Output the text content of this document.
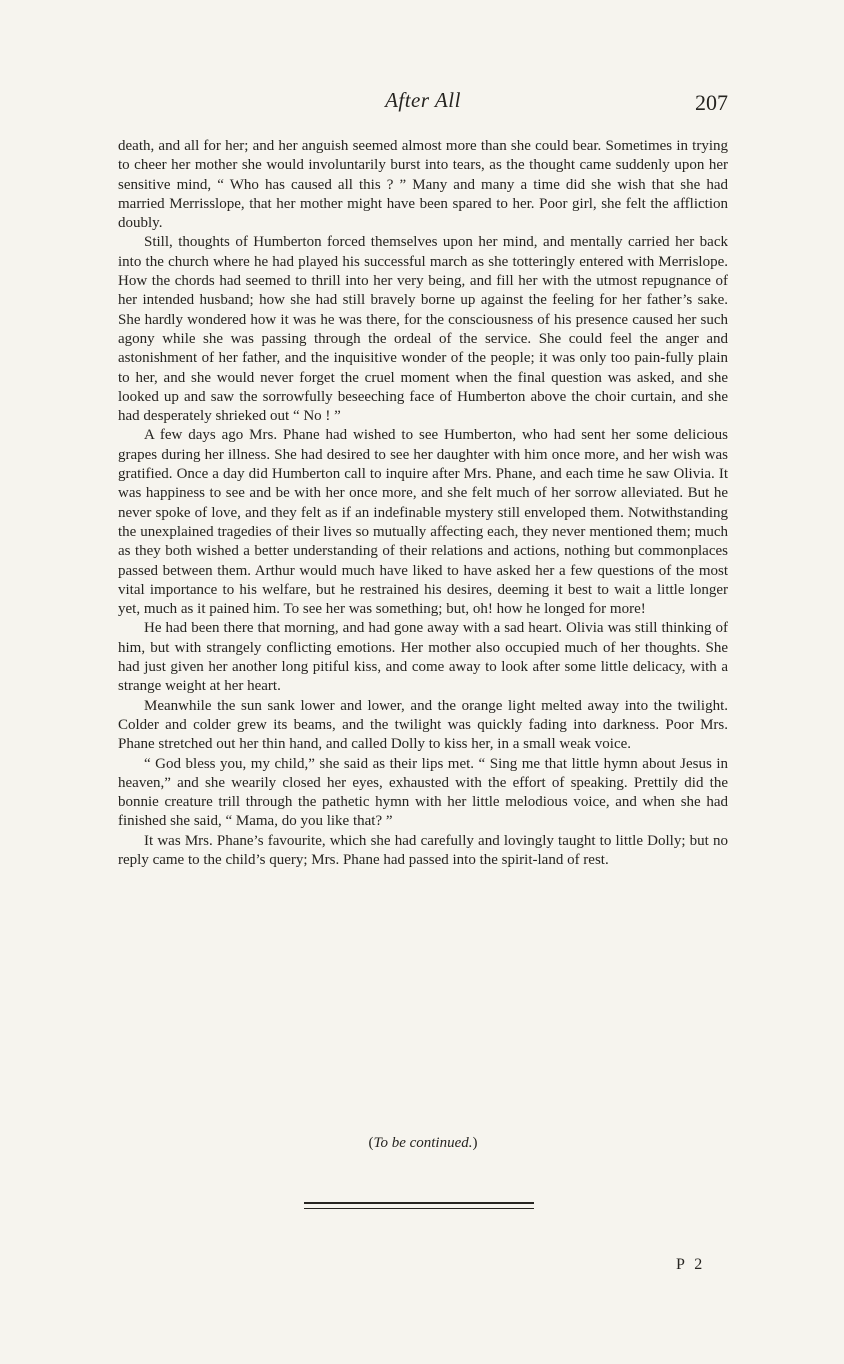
After All	207

death, and all for her; and her anguish seemed almost more than she could bear. Sometimes in trying to cheer her mother she would involuntarily burst into tears, as the thought came suddenly upon her sensitive mind, “ Who has caused all this ? ” Many and many a time did she wish that she had married Merrisslope, that her mother might have been spared to her. Poor girl, she felt the affliction doubly.

Still, thoughts of Humberton forced themselves upon her mind, and mentally carried her back into the church where he had played his successful march as she totteringly entered with Merrislope. How the chords had seemed to thrill into her very being, and fill her with the utmost repugnance of her intended husband; how she had still bravely borne up against the feeling for her father’s sake. She hardly wondered how it was he was there, for the consciousness of his presence caused her such agony while she was passing through the ordeal of the service. She could feel the anger and astonishment of her father, and the inquisitive wonder of the people; it was only too pain-fully plain to her, and she would never forget the cruel moment when the final question was asked, and she looked up and saw the sorrowfully beseeching face of Humberton above the choir curtain, and she had desperately shrieked out “ No ! ”

A few days ago Mrs. Phane had wished to see Humberton, who had sent her some delicious grapes during her illness. She had desired to see her daughter with him once more, and her wish was gratified. Once a day did Humberton call to inquire after Mrs. Phane, and each time he saw Olivia. It was happiness to see and be with her once more, and she felt much of her sorrow alleviated. But he never spoke of love, and they felt as if an indefinable mystery still enveloped them. Notwithstanding the unexplained tragedies of their lives so mutually affecting each, they never mentioned them; much as they both wished a better understanding of their relations and actions, nothing but commonplaces passed between them. Arthur would much have liked to have asked her a few questions of the most vital importance to his welfare, but he restrained his desires, deeming it best to wait a little longer yet, much as it pained him. To see her was something; but, oh! how he longed for more!

He had been there that morning, and had gone away with a sad heart. Olivia was still thinking of him, but with strangely conflicting emotions. Her mother also occupied much of her thoughts. She had just given her another long pitiful kiss, and come away to look after some little delicacy, with a strange weight at her heart.

Meanwhile the sun sank lower and lower, and the orange light melted away into the twilight. Colder and colder grew its beams, and the twilight was quickly fading into darkness. Poor Mrs. Phane stretched out her thin hand, and called Dolly to kiss her, in a small weak voice.

“ God bless you, my child,” she said as their lips met. “ Sing me that little hymn about Jesus in heaven,” and she wearily closed her eyes, exhausted with the effort of speaking. Prettily did the bonnie creature trill through the pathetic hymn with her little melodious voice, and when she had finished she said, “ Mama, do you like that? ”

It was Mrs. Phane’s favourite, which she had carefully and lovingly taught to little Dolly; but no reply came to the child’s query; Mrs. Phane had passed into the spirit-land of rest.

(To be continued.)
P 2
